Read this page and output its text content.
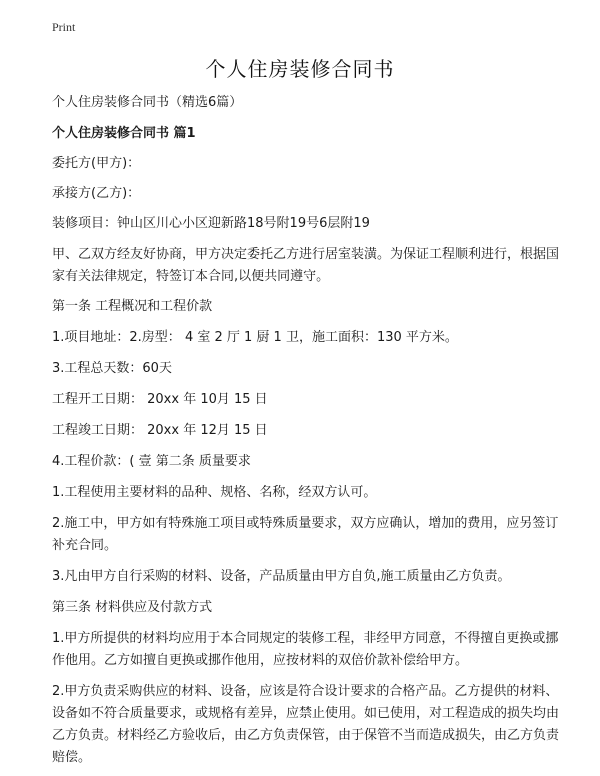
Print
个人住房装修合同书

个人住房装修合同书（精选6篇）

个人住房装修合同书 篇1

委托方(甲方)：

承接方(乙方)：

装修项目：钟山区川心小区迎新路18号附19号6层附19

甲、乙双方经友好协商，甲方决定委托乙方进行居室装潢。为保证工程顺利进行，根据国家有关法律规定，特签订本合同,以便共同遵守。

第一条 工程概况和工程价款

1.项目地址：2.房型： 4 室 2 厅 1 厨 1 卫，施工面积：130 平方米。

3.工程总天数：60天

工程开工日期： 20xx 年 10月 15 日

工程竣工日期： 20xx 年 12月 15 日

4.工程价款：( 壹 第二条 质量要求

1.工程使用主要材料的品种、规格、名称，经双方认可。

2.施工中，甲方如有特殊施工项目或特殊质量要求，双方应确认，增加的费用，应另签订补充合同。

3.凡由甲方自行采购的材料、设备，产品质量由甲方自负,施工质量由乙方负责。

第三条 材料供应及付款方式

1.甲方所提供的材料均应用于本合同规定的装修工程，非经甲方同意，不得擅自更换或挪作他用。乙方如擅自更换或挪作他用，应按材料的双倍价款补偿给甲方。

2.甲方负责采购供应的材料、设备，应该是符合设计要求的合格产品。乙方提供的材料、设备如不符合质量要求，或规格有差异，应禁止使用。如已使用，对工程造成的损失均由乙方负责。材料经乙方验收后，由乙方负责保管，由于保管不当而造成损失，由乙方负责赔偿。
